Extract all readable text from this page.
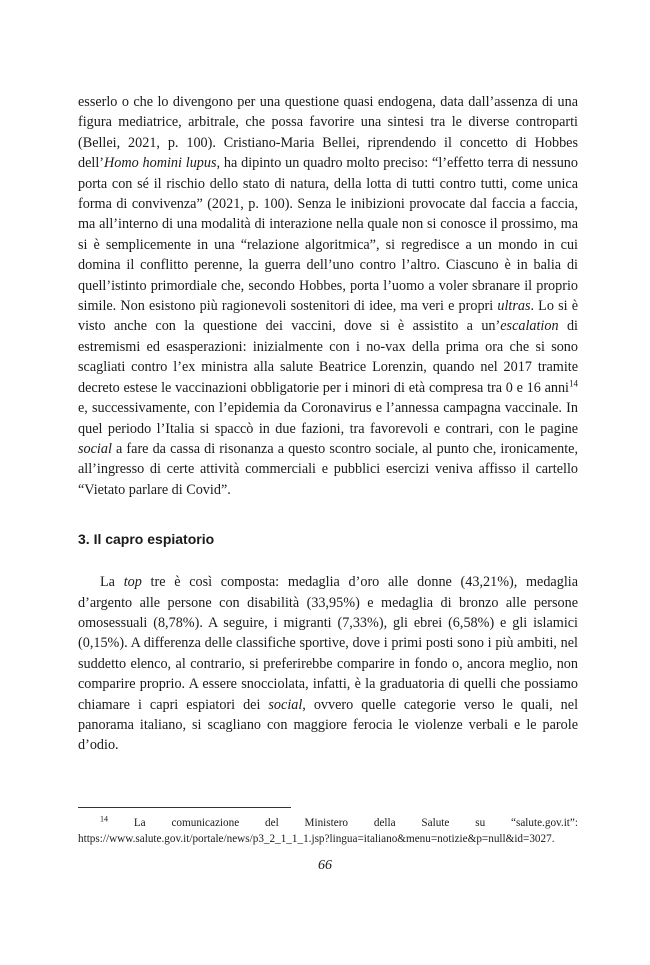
esserlo o che lo divengono per una questione quasi endogena, data dall’assenza di una figura mediatrice, arbitrale, che possa favorire una sintesi tra le diverse controparti (Bellei, 2021, p. 100). Cristiano-Maria Bellei, riprendendo il concetto di Hobbes dell’Homo homini lupus, ha dipinto un quadro molto preciso: “l’effetto terra di nessuno porta con sé il rischio dello stato di natura, della lotta di tutti contro tutti, come unica forma di convivenza” (2021, p. 100). Senza le inibizioni provocate dal faccia a faccia, ma all’interno di una modalità di interazione nella quale non si conosce il prossimo, ma si è semplicemente in una “relazione algoritmica”, si regredisce a un mondo in cui domina il conflitto perenne, la guerra dell’uno contro l’altro. Ciascuno è in balia di quell’istinto primordiale che, secondo Hobbes, porta l’uomo a voler sbranare il proprio simile. Non esistono più ragionevoli sostenitori di idee, ma veri e propri ultras. Lo si è visto anche con la questione dei vaccini, dove si è assistito a un’escalation di estremismi ed esasperazioni: inizialmente con i no-vax della prima ora che si sono scagliati contro l’ex ministra alla salute Beatrice Lorenzin, quando nel 2017 tramite decreto estese le vaccinazioni obbligatorie per i minori di età compresa tra 0 e 16 anni$^{14}$ e, successivamente, con l’epidemia da Coronavirus e l’annessa campagna vaccinale. In quel periodo l’Italia si spaccò in due fazioni, tra favorevoli e contrari, con le pagine social a fare da cassa di risonanza a questo scontro sociale, al punto che, ironicamente, all’ingresso di certe attività commerciali e pubblici esercizi veniva affisso il cartello “Vietato parlare di Covid”.

3. Il capro espiatorio

La top tre è così composta: medaglia d’oro alle donne (43,21%), medaglia d’argento alle persone con disabilità (33,95%) e medaglia di bronzo alle persone omosessuali (8,78%). A seguire, i migranti (7,33%), gli ebrei (6,58%) e gli islamici (0,15%). A differenza delle classifiche sportive, dove i primi posti sono i più ambiti, nel suddetto elenco, al contrario, si preferirebbe comparire in fondo o, ancora meglio, non comparire proprio. A essere snocciolata, infatti, è la graduatoria di quelli che possiamo chiamare i capri espiatori dei social, ovvero quelle categorie verso le quali, nel panorama italiano, si scagliano con maggiore ferocia le violenze verbali e le parole d’odio.

$^{14}$ La comunicazione del Ministero della Salute su “salute.gov.it”: https://www.salute.gov.it/portale/news/p3_2_1_1_1.jsp?lingua=italiano&menu=notizie&p=null&id=3027.
66
